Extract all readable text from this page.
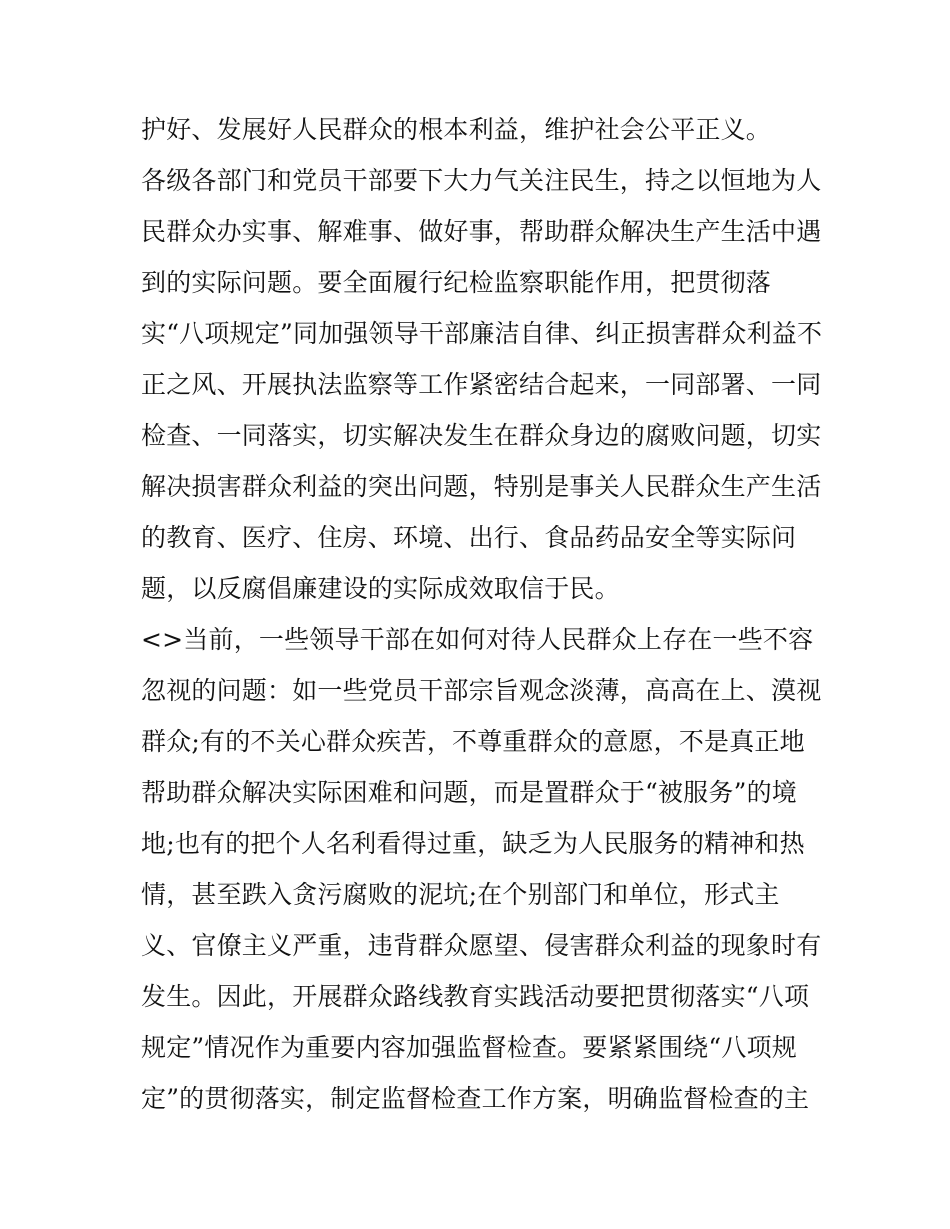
护好、发展好人民群众的根本利益，维护社会公平正义。
各级各部门和党员干部要下大力气关注民生，持之以恒地为人
民群众办实事、解难事、做好事，帮助群众解决生产生活中遇
到的实际问题。要全面履行纪检监察职能作用，把贯彻落
实“八项规定”同加强领导干部廉洁自律、纠正损害群众利益不
正之风、开展执法监察等工作紧密结合起来，一同部署、一同
检查、一同落实，切实解决发生在群众身边的腐败问题，切实
解决损害群众利益的突出问题，特别是事关人民群众生产生活
的教育、医疗、住房、环境、出行、食品药品安全等实际问
题，以反腐倡廉建设的实际成效取信于民。
<>当前，一些领导干部在如何对待人民群众上存在一些不容
忽视的问题：如一些党员干部宗旨观念淡薄，高高在上、漠视
群众;有的不关心群众疾苦，不尊重群众的意愿，不是真正地
帮助群众解决实际困难和问题，而是置群众于“被服务”的境
地;也有的把个人名利看得过重，缺乏为人民服务的精神和热
情，甚至跌入贪污腐败的泥坑;在个别部门和单位，形式主
义、官僚主义严重，违背群众愿望、侵害群众利益的现象时有
发生。因此，开展群众路线教育实践活动要把贯彻落实“八项
规定”情况作为重要内容加强监督检查。要紧紧围绕“八项规
定”的贯彻落实，制定监督检查工作方案，明确监督检查的主
